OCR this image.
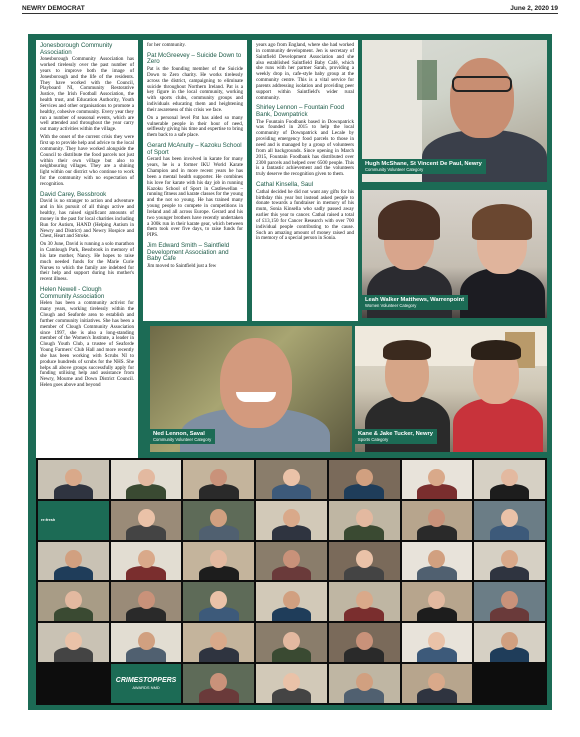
NEWRY DEMOCRAT	June 2, 2020 19
Jonesborough Community Association

Jonesborough Community Association has worked tirelessly over the past number of years to improve both the image of Jonesborough and the life of the residents. They have worked with the Council, Playboard NI, Community Restorative Justice, the Irish Football Association, the health trust, and Education Authority, Youth Services and other organisations to promote a healthy, cohesive community. Every year they run a number of seasonal events, which are well attended and throughout the year carry out many activities within the village.

With the onset of the current crisis they were first up to provide help and advice to the local community. They have worked alongside the Council to distribute the food parcels not just within their own village but also to neighbouring villages. They are a shining light within our district who continue to work for the community with no expectation of recognition.

David Carey, Bessbrook

David is no stranger to action and adventure and in his pursuit of all things active and healthy, has raised significant amounts of money in the past for local charities including Run for Autism, HAND (Helping Autism in Newry and District) and Newry Hospice and Chest, Heart and Stroke.

On 30 June, David is running a solo marathon in Camlough Park, Bessbrook in memory of his late mother, Nancy. He hopes to raise much needed funds for the Marie Curie Nurses to which the family are indebted for their help and support during his mother's recent illness.

Helen Newell - Clough Community Association

Helen has been a community activist for many years, working tirelessly within the Clough and Seaforde area to establish and further community initiatives. She has been a member of Clough Community Association since 1997, she is also a long-standing member of the Women's Institute, a leader in Clough Youth Club, a trustee of Seaforde Young Farmers' Club Hall and more recently she has been working with Scrubs NI to produce hundreds of scrubs for the NHS. She helps all above groups successfully apply for funding utilising help and assistance from Newry, Mourne and Down District Council. Helen goes above and beyond

for her community.

Pat McGreevey – Suicide Down to Zero

Pat is the founding member of the Suicide Down to Zero charity. He works tirelessly across the district, campaigning to eliminate suicide throughout Northern Ireland. Pat is a key figure in the local community, working with sports clubs, community groups and individuals educating them and heightening their awareness of this crisis we face.

On a personal level Pat has aided so many vulnerable people in their hour of need, selflessly giving his time and expertise to bring them back to a safe place.

Gerard McAnulty – Kazoku School of Sport

Gerard has been involved in karate for many years, he is a former IKU World Karate Champion and in more recent years he has been a mental health supporter. He combines his love for karate with his day job in running Kazoku School of Sport in Castlewellan – running fitness and karate classes for the young and the not so young. He has trained many young people to compete in competitions in Ireland and all across Europe. Gerard and his two younger brothers have recently undertaken a 300k run in their karate gear, which between them took over five days, to raise funds for PIPS.

Jim Edward Smith – Saintfield Development Association and Baby Cafe

Jim moved to Saintfield just a few

years ago from England, where she had worked in community development. Jen is secretary of Saintfield Development Association and she also established Saintfield Baby Café, which she runs with her partner Sarah, providing a weekly drop in, cafe-style baby group at the community centre. This is a vital service for parents addressing isolation and providing peer support within Saintfield's wider rural community.

Shirley Lennon – Fountain Food Bank, Downpatrick

The Fountain Foodbank based in Downpatrick was founded in 2015 to help the local community of Downpatrick and Lecale by providing emergency food parcels to those in need and is managed by a group of volunteers from all backgrounds. Since opening in March 2015, Fountain Foodbank has distributed over 2300 parcels and helped over 6500 people. This is a fantastic achievement and the volunteers truly deserve the recognition given to them.

Cathal Kinsella, Saul

Cathal decided he did not want any gifts for his birthday this year but instead asked people to donate towards a fundraiser in memory of his mum, Sonia Kinsella who sadly passed away earlier this year to cancer. Cathal raised a total of £13,150 for Cancer Research with over 700 individual people contributing to the cause. Such an amazing amount of money raised and in memory of a special person in Sonia.

Hugh McShane, St Vincent De Paul, Newry
Community Volunteer Category
Leah Walker Matthews, Warrenpoint
Women Volunteer Category
Ned Lennon, Saval
Community Volunteer Category
Kane & Jake Tucker, Newry
Sports Category
re:fresh
CRIMESTOPPERS
AWARDS NMD
